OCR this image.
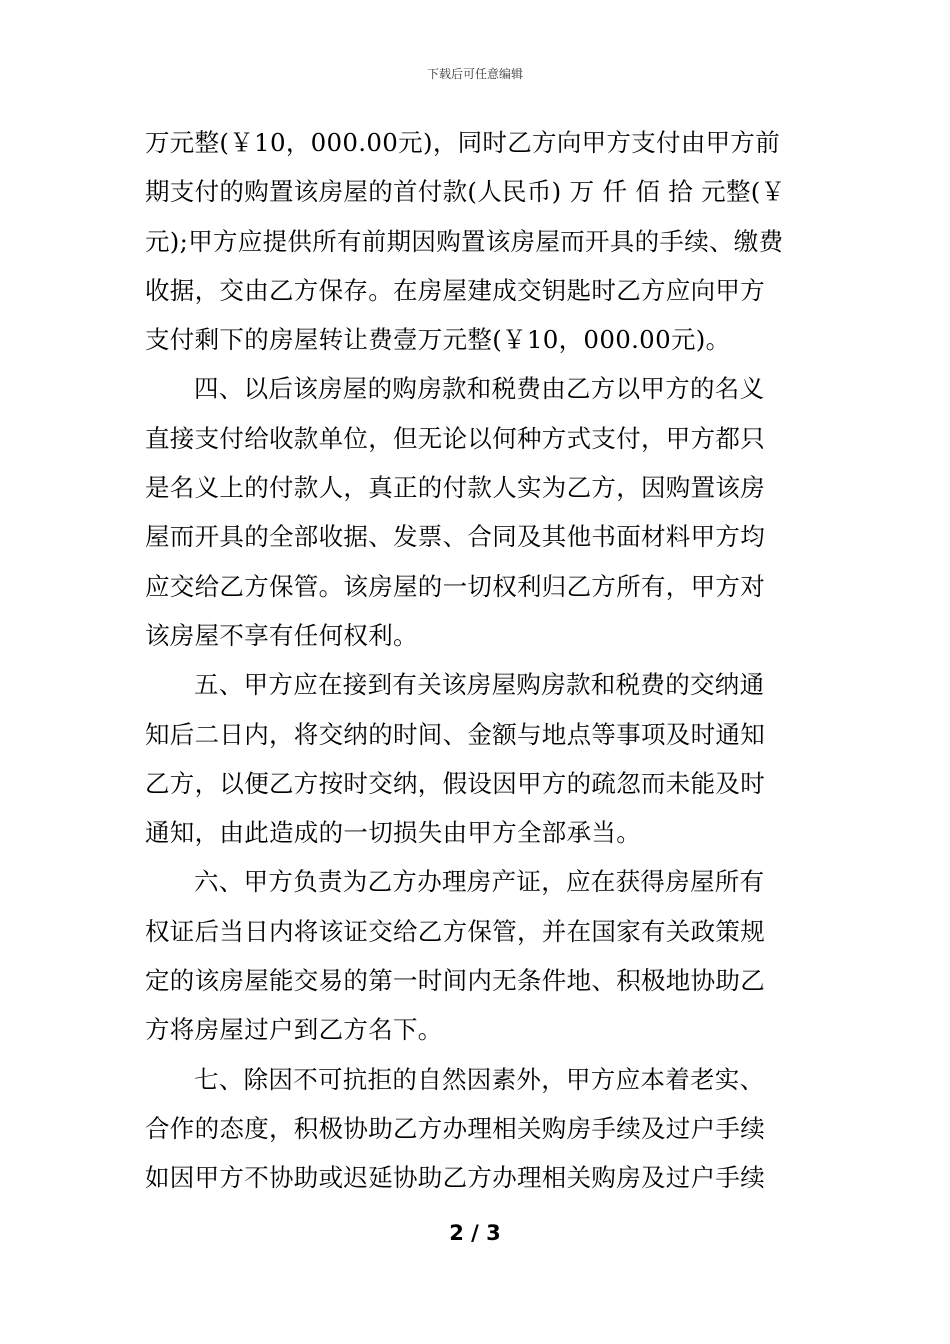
下载后可任意编辑
万元整(￥10，000.00元)，同时乙方向甲方支付由甲方前
期支付的购置该房屋的首付款(人民币) 万 仟 佰 拾 元整(￥
元);甲方应提供所有前期因购置该房屋而开具的手续、缴费
收据，交由乙方保存。在房屋建成交钥匙时乙方应向甲方
支付剩下的房屋转让费壹万元整(￥10，000.00元)。
四、以后该房屋的购房款和税费由乙方以甲方的名义
直接支付给收款单位，但无论以何种方式支付，甲方都只
是名义上的付款人，真正的付款人实为乙方，因购置该房
屋而开具的全部收据、发票、合同及其他书面材料甲方均
应交给乙方保管。该房屋的一切权利归乙方所有，甲方对
该房屋不享有任何权利。
五、甲方应在接到有关该房屋购房款和税费的交纳通
知后二日内，将交纳的时间、金额与地点等事项及时通知
乙方，以便乙方按时交纳，假设因甲方的疏忽而未能及时
通知，由此造成的一切损失由甲方全部承当。
六、甲方负责为乙方办理房产证，应在获得房屋所有
权证后当日内将该证交给乙方保管，并在国家有关政策规
定的该房屋能交易的第一时间内无条件地、积极地协助乙
方将房屋过户到乙方名下。
七、除因不可抗拒的自然因素外，甲方应本着老实、
合作的态度，积极协助乙方办理相关购房手续及过户手续
如因甲方不协助或迟延协助乙方办理相关购房及过户手续
2 / 3
